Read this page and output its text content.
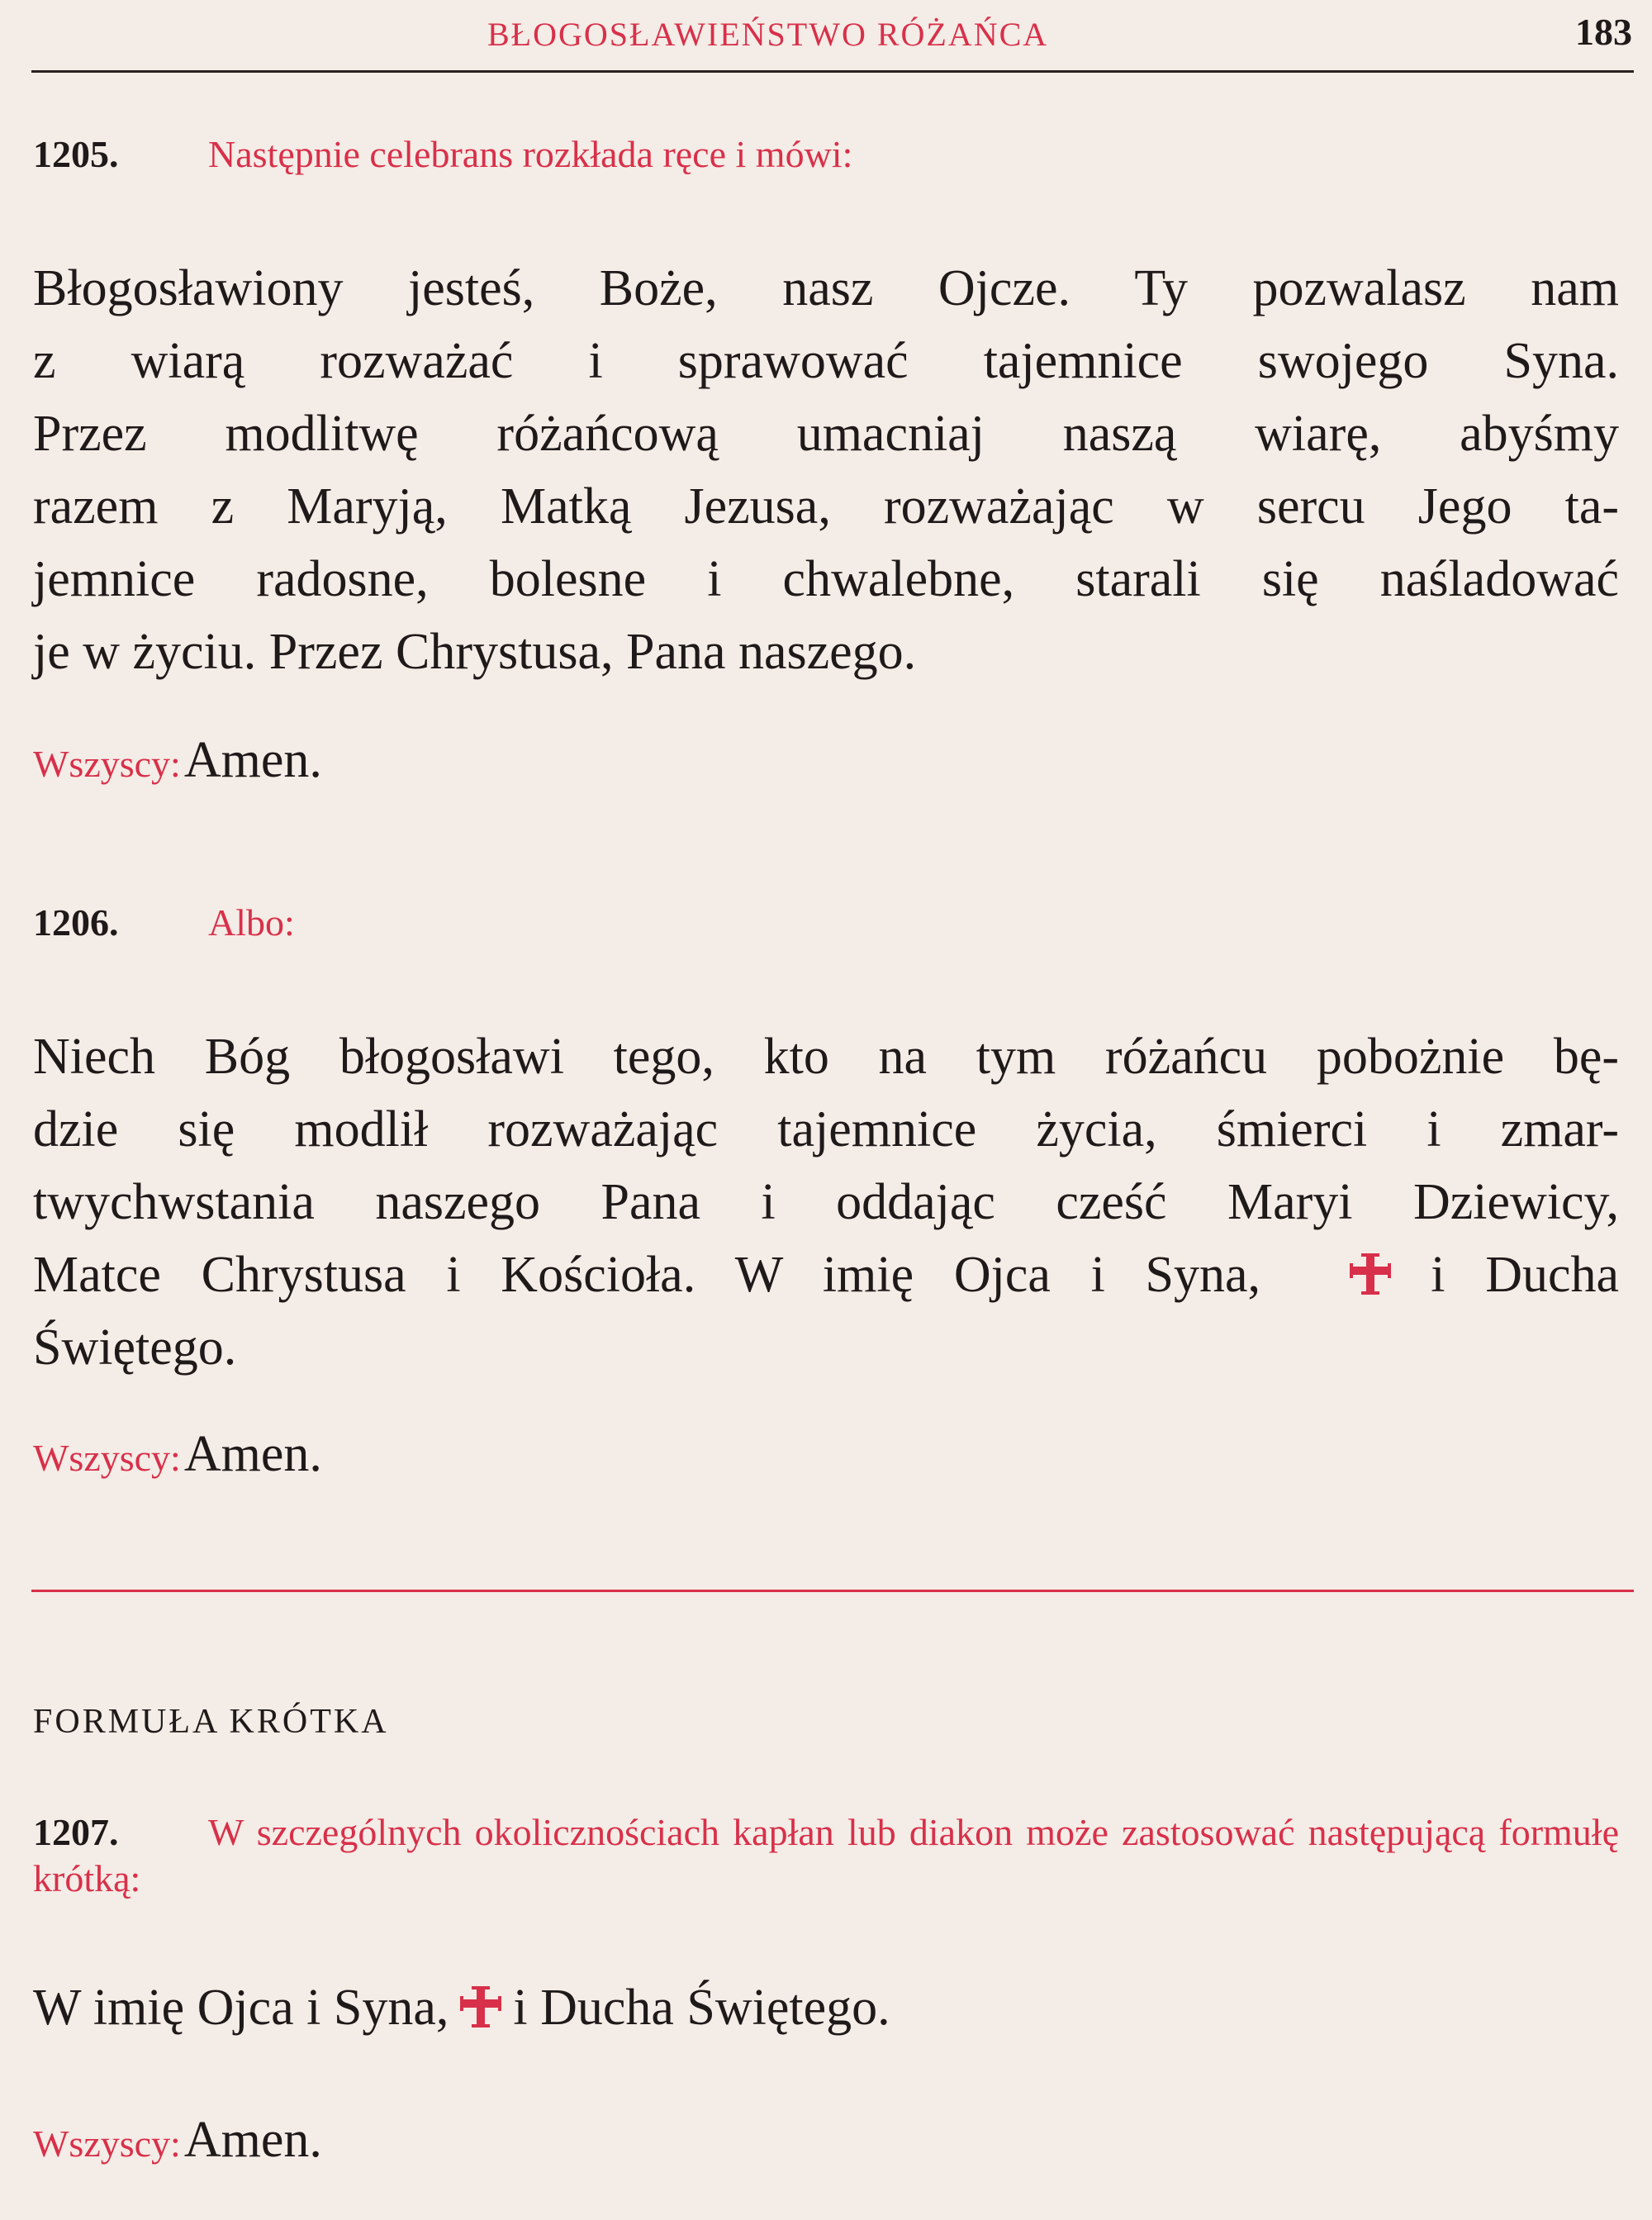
BŁOGOSŁAWIEŃSTWO RÓŻAŃCA	183
1205. Następnie celebrans rozkłada ręce i mówi:
Błogosławiony jesteś, Boże, nasz Ojcze. Ty pozwalasz nam
z wiarą rozważać i sprawować tajemnice swojego Syna.
Przez modlitwę różańcową umacniaj naszą wiarę, abyśmy
razem z Maryją, Matką Jezusa, rozważając w sercu Jego ta-
jemnice radosne, bolesne i chwalebne, starali się naśladować
je w życiu. Przez Chrystusa, Pana naszego.
Wszyscy: Amen.
1206. Albo:
Niech Bóg błogosławi tego, kto na tym różańcu pobożnie bę-
dzie się modlił rozważając tajemnice życia, śmierci i zmar-
twychwstania naszego Pana i oddając cześć Maryi Dziewicy,
Matce Chrystusa i Kościoła. W imię Ojca i Syna,	i Ducha
Świętego.
Wszyscy: Amen.
FORMUŁA KRÓTKA
1207. W szczególnych okolicznościach kapłan lub diakon może zastosować następującą formułę krótką:
W imię Ojca i Syna, i Ducha Świętego.
Wszyscy: Amen.
